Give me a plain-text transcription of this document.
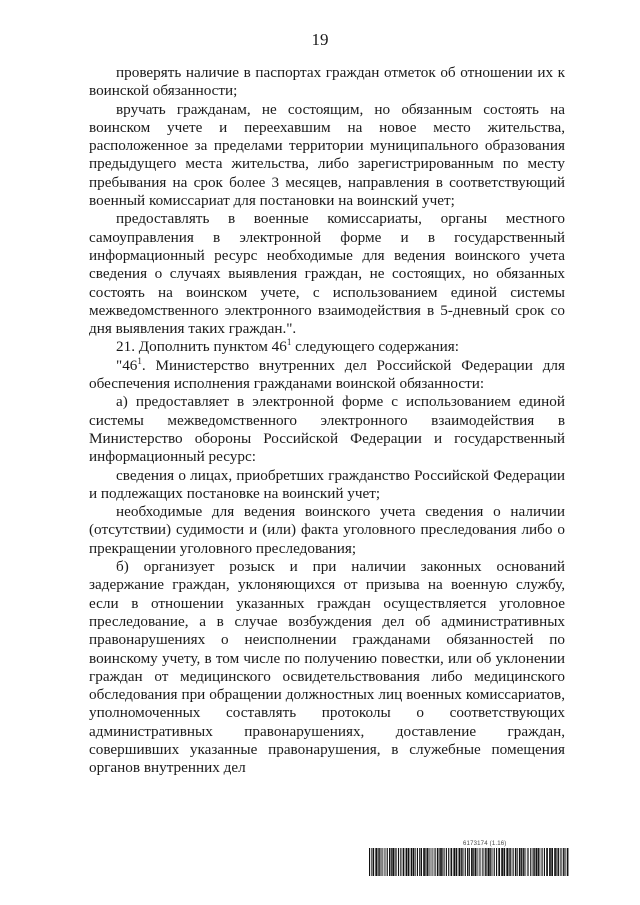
19

проверять наличие в паспортах граждан отметок об отношении их к воинской обязанности;

вручать гражданам, не состоящим, но обязанным состоять на воинском учете и переехавшим на новое место жительства, расположенное за пределами территории муниципального образования предыдущего места жительства, либо зарегистрированным по месту пребывания на срок более 3 месяцев, направления в соответствующий военный комиссариат для постановки на воинский учет;

предоставлять в военные комиссариаты, органы местного самоуправления в электронной форме и в государственный информационный ресурс необходимые для ведения воинского учета сведения о случаях выявления граждан, не состоящих, но обязанных состоять на воинском учете, с использованием единой системы межведомственного электронного взаимодействия в 5-дневный срок со дня выявления таких граждан.".

21. Дополнить пунктом $46^1$ следующего содержания:

"$46^1$. Министерство внутренних дел Российской Федерации для обеспечения исполнения гражданами воинской обязанности:

а) предоставляет в электронной форме с использованием единой системы межведомственного электронного взаимодействия в Министерство обороны Российской Федерации и государственный информационный ресурс:

сведения о лицах, приобретших гражданство Российской Федерации и подлежащих постановке на воинский учет;

необходимые для ведения воинского учета сведения о наличии (отсутствии) судимости и (или) факта уголовного преследования либо о прекращении уголовного преследования;

б) организует розыск и при наличии законных оснований задержание граждан, уклоняющихся от призыва на военную службу, если в отношении указанных граждан осуществляется уголовное преследование, а в случае возбуждения дел об административных правонарушениях о неисполнении гражданами обязанностей по воинскому учету, в том числе по получению повестки, или об уклонении граждан от медицинского освидетельствования либо медицинского обследования при обращении должностных лиц военных комиссариатов, уполномоченных составлять протоколы о соответствующих административных правонарушениях, доставление граждан, совершивших указанные правонарушения, в служебные помещения органов внутренних дел

6173174 (1.16)
